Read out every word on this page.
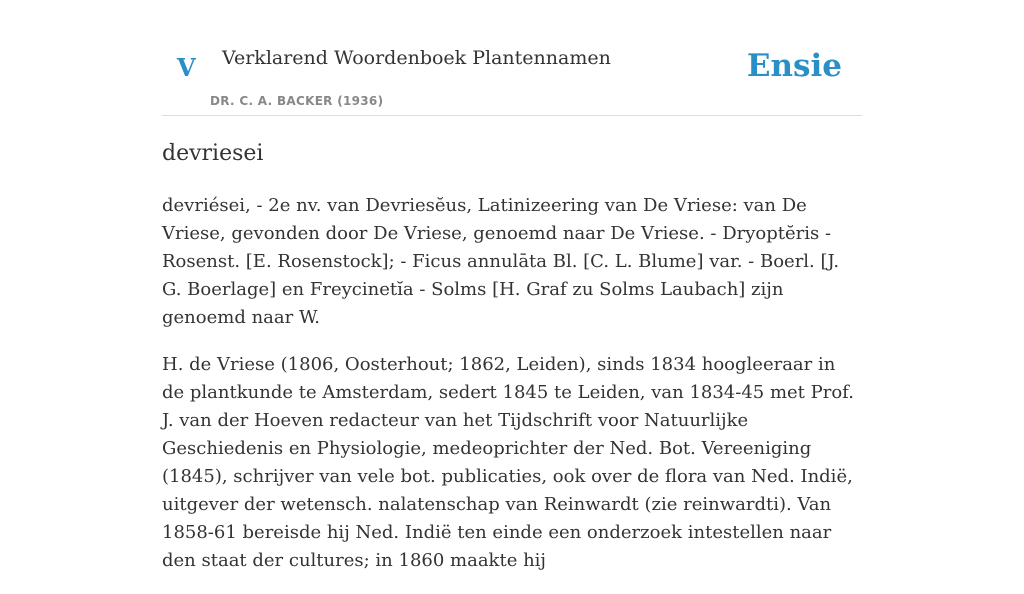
V Verklarend Woordenboek Plantennamen
DR. C. A. BACKER (1936)
Ensie
devriesei

devriései, - 2e nv. van Devriesĕus, Latinizeering van De Vriese: van De Vriese, gevonden door De Vriese, genoemd naar De Vriese. - Dryoptĕris - Rosenst. [E. Rosenstock]; - Ficus annulāta Bl. [C. L. Blume] var. - Boerl. [J. G. Boerlage] en Freycinetĭa - Solms [H. Graf zu Solms Laubach] zijn genoemd naar W.

H. de Vriese (1806, Oosterhout; 1862, Leiden), sinds 1834 hoogleeraar in de plantkunde te Amsterdam, sedert 1845 te Leiden, van 1834-45 met Prof. J. van der Hoeven redacteur van het Tijdschrift voor Natuurlijke Geschiedenis en Physiologie, medeoprichter der Ned. Bot. Vereeniging (1845), schrijver van vele bot. publicaties, ook over de flora van Ned. Indië, uitgever der wetensch. nalatenschap van Reinwardt (zie reinwardti). Van 1858-61 bereisde hij Ned. Indië ten einde een onderzoek intestellen naar den staat der cultures; in 1860 maakte hij
